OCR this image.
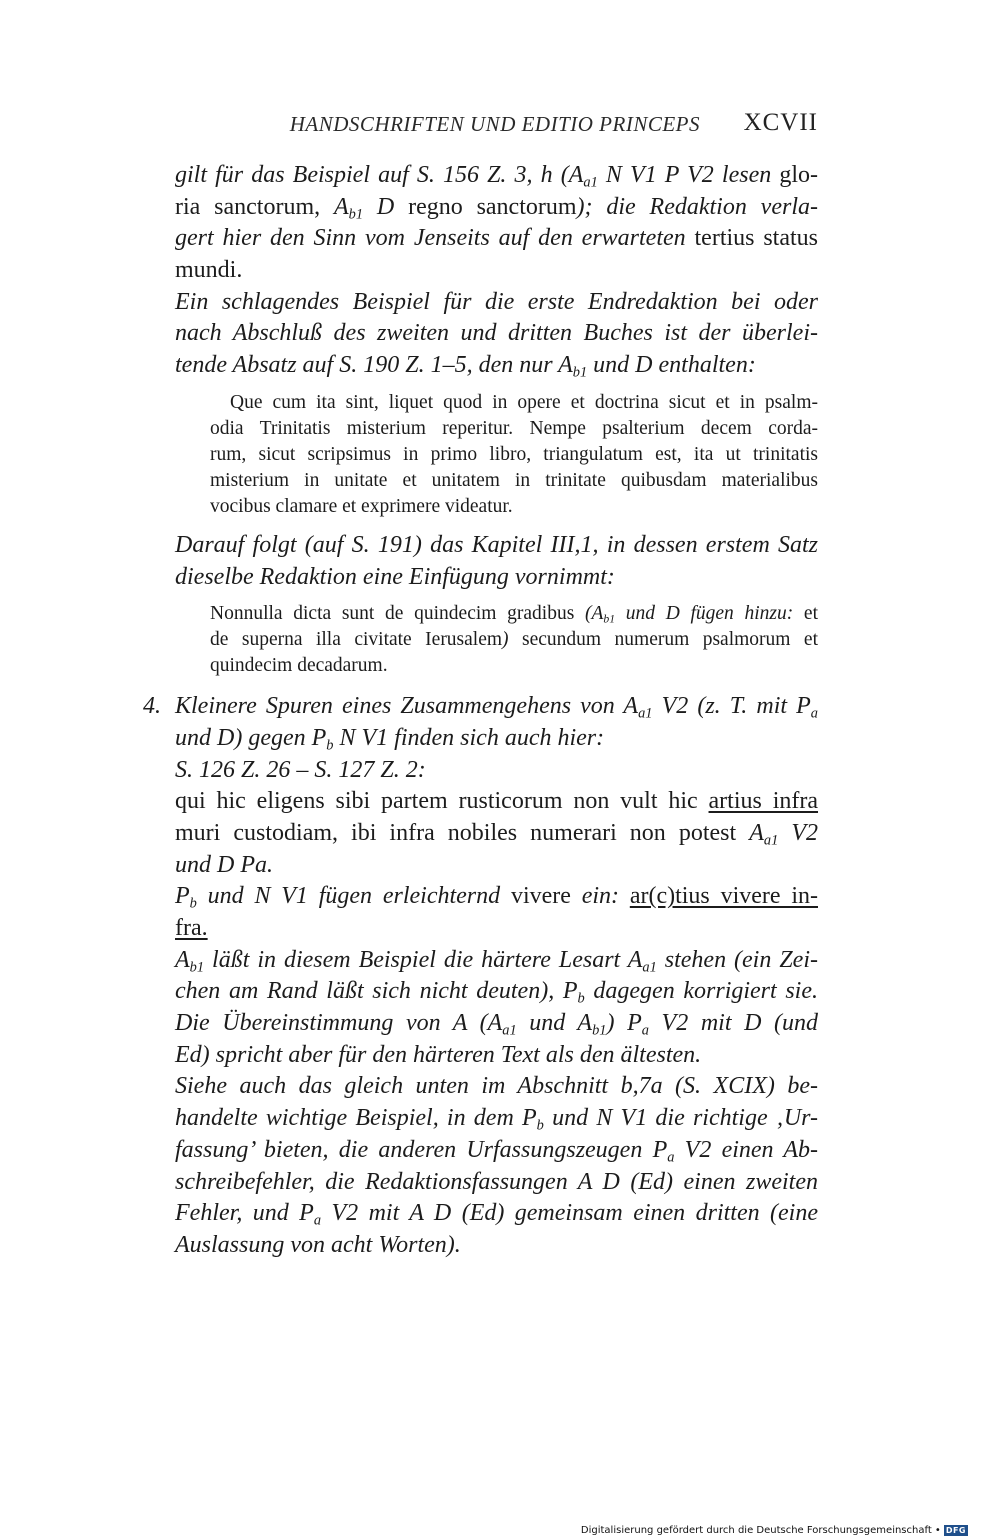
HANDSCHRIFTEN UND EDITIO PRINCEPS XCVII
gilt für das Beispiel auf S. 156 Z. 3, h ($A_{a1}$ N V1 P V2 lesen glo-
ria sanctorum, $A_{b1}$ D regno sanctorum); die Redaktion verla-
gert hier den Sinn vom Jenseits auf den erwarteten tertius status
mundi.
Ein schlagendes Beispiel für die erste Endredaktion bei oder
nach Abschluß des zweiten und dritten Buches ist der überlei-
tende Absatz auf S. 190 Z. 1–5, den nur $A_{b1}$ und D enthalten:
Que cum ita sint, liquet quod in opere et doctrina sicut et in psalm-
odia Trinitatis misterium reperitur. Nempe psalterium decem corda-
rum, sicut scripsimus in primo libro, triangulatum est, ita ut trinitatis
misterium in unitate et unitatem in trinitate quibusdam materialibus
vocibus clamare et exprimere videatur.
Darauf folgt (auf S. 191) das Kapitel III,1, in dessen erstem Satz
dieselbe Redaktion eine Einfügung vornimmt:
Nonnulla dicta sunt de quindecim gradibus ($A_{b1}$ und D fügen hinzu: et
de superna illa civitate Ierusalem) secundum numerum psalmorum et
quindecim decadarum.
4. Kleinere Spuren eines Zusammengehens von $A_{a1}$ V2 (z. T. mit $P_a$
und D) gegen $P_b$ N V1 finden sich auch hier:
S. 126 Z. 26 – S. 127 Z. 2:
qui hic eligens sibi partem rusticorum non vult hic artius infra
muri custodiam, ibi infra nobiles numerari non potest $A_{a1}$ V2
und D Pa.
$P_b$ und N V1 fügen erleichternd vivere ein: ar(c)tius vivere in-
fra.
$A_{b1}$ läßt in diesem Beispiel die härtere Lesart $A_{a1}$ stehen (ein Zei-
chen am Rand läßt sich nicht deuten), $P_b$ dagegen korrigiert sie.
Die Übereinstimmung von A ($A_{a1}$ und $A_{b1}$) $P_a$ V2 mit D (und
Ed) spricht aber für den härteren Text als den ältesten.
Siehe auch das gleich unten im Abschnitt b,7a (S. XCIX) be-
handelte wichtige Beispiel, in dem $P_b$ und N V1 die richtige ‚Ur-
fassung’ bieten, die anderen Urfassungszeugen $P_a$ V2 einen Ab-
schreibefehler, die Redaktionsfassungen A D (Ed) einen zweiten
Fehler, und $P_a$ V2 mit A D (Ed) gemeinsam einen dritten (eine
Auslassung von acht Worten).
Digitalisierung gefördert durch die Deutsche Forschungsgemeinschaft • DFG
